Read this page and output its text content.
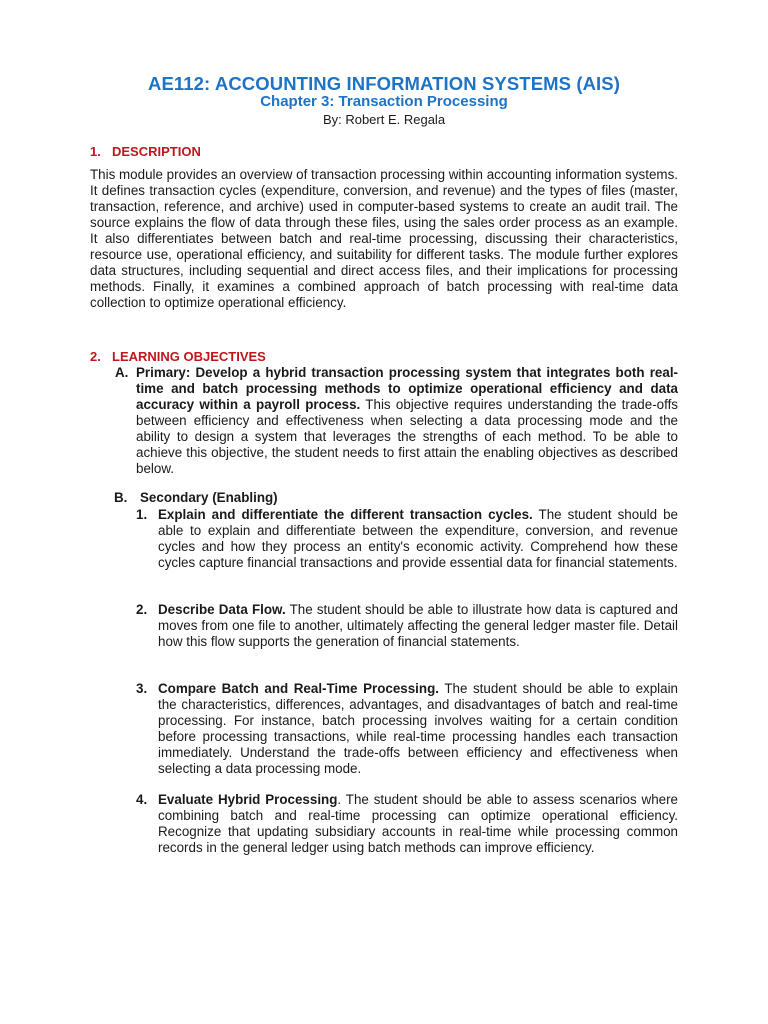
AE112: ACCOUNTING INFORMATION SYSTEMS (AIS)
Chapter 3: Transaction Processing
By: Robert E. Regala
1. DESCRIPTION
This module provides an overview of transaction processing within accounting information systems. It defines transaction cycles (expenditure, conversion, and revenue) and the types of files (master, transaction, reference, and archive) used in computer-based systems to create an audit trail. The source explains the flow of data through these files, using the sales order process as an example. It also differentiates between batch and real-time processing, discussing their characteristics, resource use, operational efficiency, and suitability for different tasks. The module further explores data structures, including sequential and direct access files, and their implications for processing methods. Finally, it examines a combined approach of batch processing with real-time data collection to optimize operational efficiency.
2. LEARNING OBJECTIVES
A. Primary: Develop a hybrid transaction processing system that integrates both real-time and batch processing methods to optimize operational efficiency and data accuracy within a payroll process. This objective requires understanding the trade-offs between efficiency and effectiveness when selecting a data processing mode and the ability to design a system that leverages the strengths of each method. To be able to achieve this objective, the student needs to first attain the enabling objectives as described below.
B. Secondary (Enabling)
1. Explain and differentiate the different transaction cycles. The student should be able to explain and differentiate between the expenditure, conversion, and revenue cycles and how they process an entity's economic activity. Comprehend how these cycles capture financial transactions and provide essential data for financial statements.
2. Describe Data Flow. The student should be able to illustrate how data is captured and moves from one file to another, ultimately affecting the general ledger master file. Detail how this flow supports the generation of financial statements.
3. Compare Batch and Real-Time Processing. The student should be able to explain the characteristics, differences, advantages, and disadvantages of batch and real-time processing. For instance, batch processing involves waiting for a certain condition before processing transactions, while real-time processing handles each transaction immediately. Understand the trade-offs between efficiency and effectiveness when selecting a data processing mode.
4. Evaluate Hybrid Processing. The student should be able to assess scenarios where combining batch and real-time processing can optimize operational efficiency. Recognize that updating subsidiary accounts in real-time while processing common records in the general ledger using batch methods can improve efficiency.
